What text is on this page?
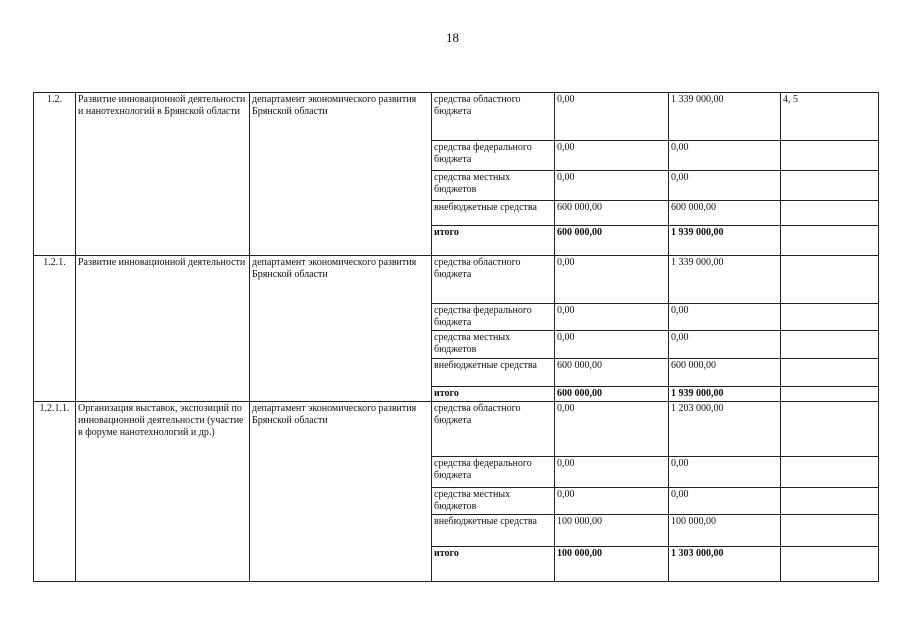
18
1.2.	Развитие инновационной деятельности и нанотехнологий в Брянской области	департамент экономического развития Брянской области	средства областного бюджета	0,00	1 339 000,00	4, 5
			средства федерального бюджета	0,00	0,00	
			средства местных бюджетов	0,00	0,00	
			внебюджетные средства	600 000,00	600 000,00	
			итого	600 000,00	1 939 000,00	
1.2.1.	Развитие инновационной деятельности	департамент экономического развития Брянской области	средства областного бюджета	0,00	1 339 000,00	
			средства федерального бюджета	0,00	0,00	
			средства местных бюджетов	0,00	0,00	
			внебюджетные средства	600 000,00	600 000,00	
			итого	600 000,00	1 939 000,00	
1.2.1.1.	Организация выставок, экспозиций по инновационной деятельности (участие в форуме нанотехнологий и др.)	департамент экономического развития Брянской области	средства областного бюджета	0,00	1 203 000,00	
			средства федерального бюджета	0,00	0,00	
			средства местных бюджетов	0,00	0,00	
			внебюджетные средства	100 000,00	100 000,00	
			итого	100 000,00	1 303 000,00	
